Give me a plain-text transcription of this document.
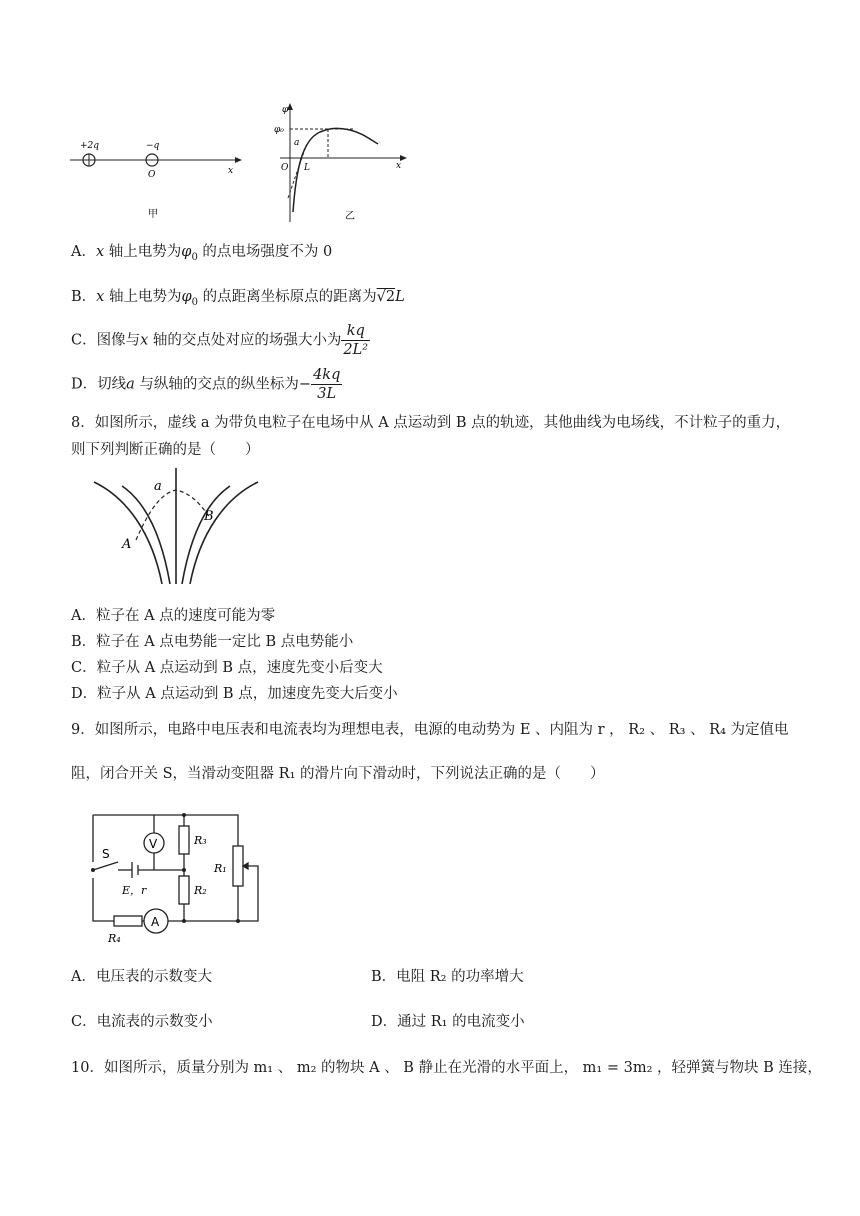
+2q	−q
O	x
甲
φ
φ₀
a
O L	x
乙
A．x 轴上电势为$\varphi_0$ 的点电场强度不为 0
B．x 轴上电势为$\varphi_0$ 的点距离坐标原点的距离为√2L
C．图像与x 轴的交点处对应的场强大小为 $\frac{kq}{\text{2L²}}$
D．切线a 与纵轴的交点的纵坐标为− $\frac{4kq}{3L}$
8．如图所示，虚线 a 为带负电粒子在电场中从 A 点运动到 B 点的轨迹，其他曲线为电场线，不计粒子的重力，
则下列判断正确的是（　　）
a
A
B
A．粒子在 A 点的速度可能为零
B．粒子在 A 点电势能一定比 B 点电势能小
C．粒子从 A 点运动到 B 点，速度先变小后变大
D．粒子从 A 点运动到 B 点，加速度先变大后变小
9．如图所示，电路中电压表和电流表均为理想电表，电源的电动势为 E 、内阻为 r ， R₂ 、 R₃ 、 R₄ 为定值电
阻，闭合开关 S，当滑动变阻器 R₁ 的滑片向下滑动时，下列说法正确的是（　　）
S
V
A
R₃
R₂
R₁
R₄
E，r
A．电压表的示数变大	B．电阻 R₂ 的功率增大
C．电流表的示数变小	D．通过 R₁ 的电流变小
10．如图所示，质量分别为 m₁ 、 m₂ 的物块 A 、 B 静止在光滑的水平面上， m₁ = 3m₂ ，轻弹簧与物块 B 连接，
